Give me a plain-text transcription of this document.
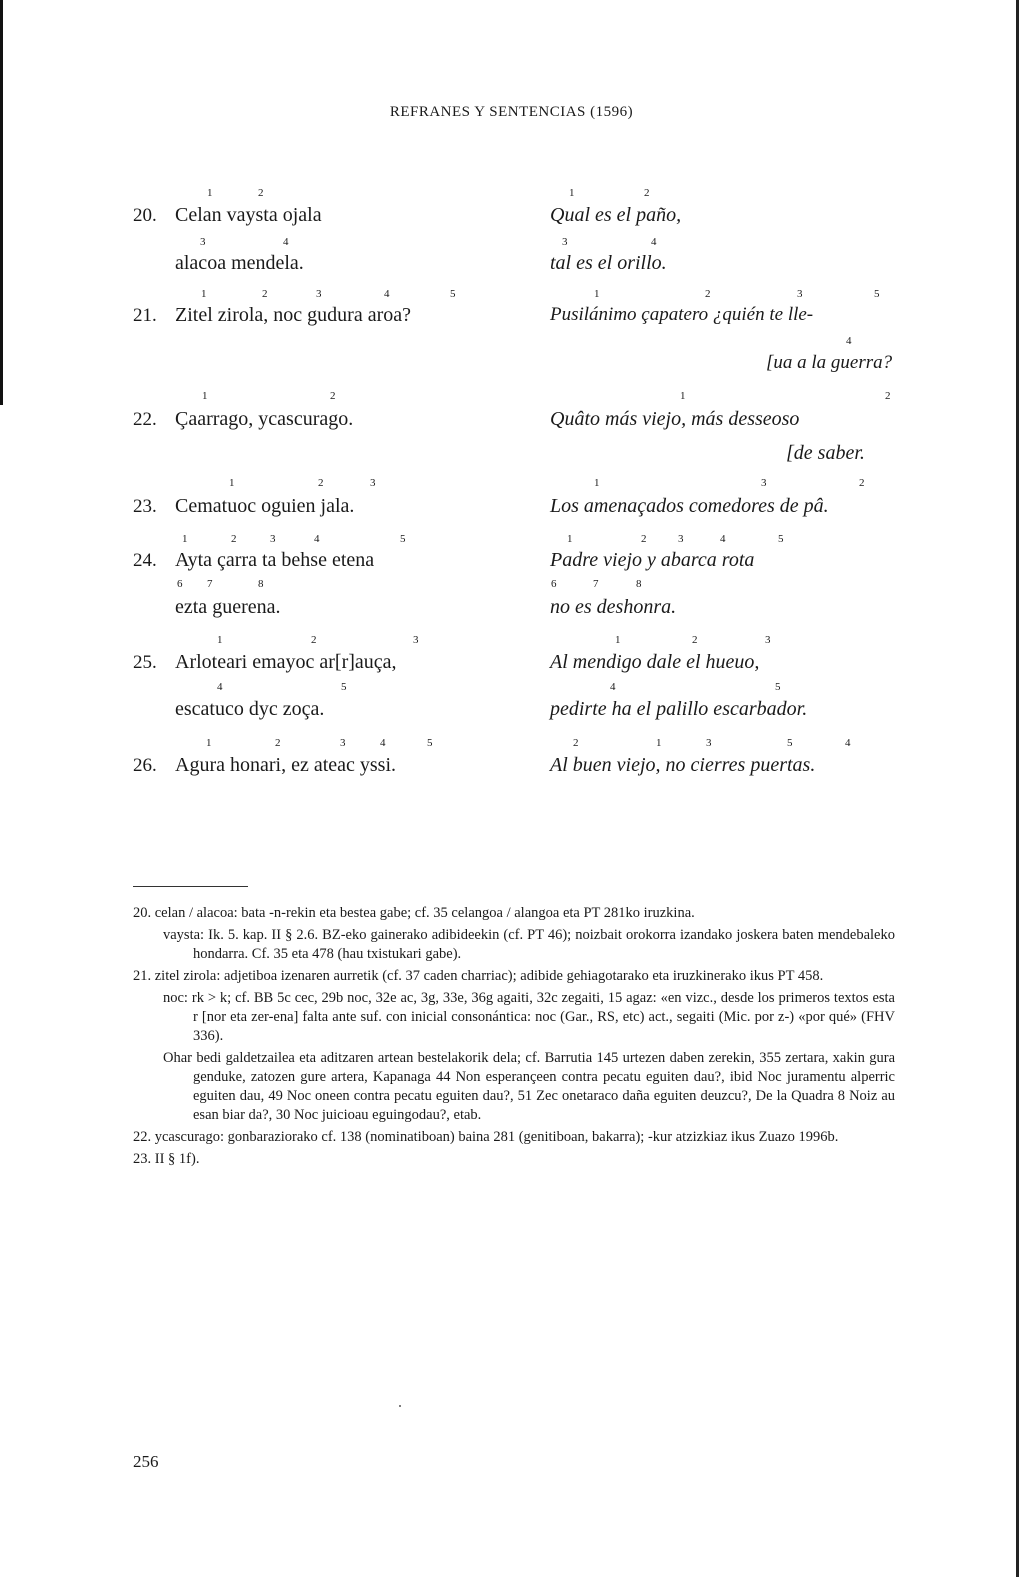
REFRANES Y SENTENCIAS (1596)
20. Celan vaysta ojala
1	2
alacoa mendela.
3	4
Qual es el paño,
1	2
tal es el orillo.
3	4
21. Zitel zirola, noc gudura aroa?
1	2	3	4	5
Pusilánimo çapatero ¿quién te lle-
1	2	3	5
4
[ua a la guerra?
22. Çaarrago, ycascurago.
1	2
Quâto más viejo, más desseoso
1	2
[de saber.
23. Cematuoc oguien jala.
1	2	3
Los amenaçados comedores de pâ.
1	3	2
24. Ayta çarra ta behse etena
1	2	3	4	5
ezta guerena.
6 7	8
Padre viejo y abarca rota
1	2	3	4	5
no es deshonra.
6	7	8
25. Arloteari emayoc ar[r]auça,
1	2	3
escatuco dyc zoça.
4	5
Al mendigo dale el hueuo,
1	2	3
pedirte ha el palillo escarbador.
4	5
26. Agura honari, ez ateac yssi.
1	2	3	4	5
Al buen viejo, no cierres puertas.
2	1	3	5	4

20. celan / alacoa: bata -n-rekin eta bestea gabe; cf. 35 celangoa / alangoa eta PT 281ko iruzkina.

vaysta: Ik. 5. kap. II § 2.6. BZ-eko gainerako adibideekin (cf. PT 46); noizbait orokorra izandako joskera baten mendebaleko hondarra. Cf. 35 eta 478 (hau txistukari gabe).

21. zitel zirola: adjetiboa izenaren aurretik (cf. 37 caden charriac); adibide gehiagotarako eta iruzkinerako ikus PT 458.

noc: rk > k; cf. BB 5c cec, 29b noc, 32e ac, 3g, 33e, 36g agaiti, 32c zegaiti, 15 agaz: «en vizc., desde los primeros textos esta r [nor eta zer-ena] falta ante suf. con inicial consonántica: noc (Gar., RS, etc) act., segaiti (Mic. por z-) «por qué» (FHV 336).

Ohar bedi galdetzailea eta aditzaren artean bestelakorik dela; cf. Barrutia 145 urtezen daben zerekin, 355 zertara, xakin gura genduke, zatozen gure artera, Kapanaga 44 Non esperançeen contra pecatu eguiten dau?, ibid Noc juramentu alperric eguiten dau, 49 Noc oneen contra pecatu eguiten dau?, 51 Zec onetaraco daña eguiten deuzcu?, De la Quadra 8 Noiz au esan biar da?, 30 Noc juicioau eguingodau?, etab.

22. ycascurago: gonbaraziorako cf. 138 (nominatiboan) baina 281 (genitiboan, bakarra); -kur atzizkiaz ikus Zuazo 1996b.

23. II § 1f).

256
